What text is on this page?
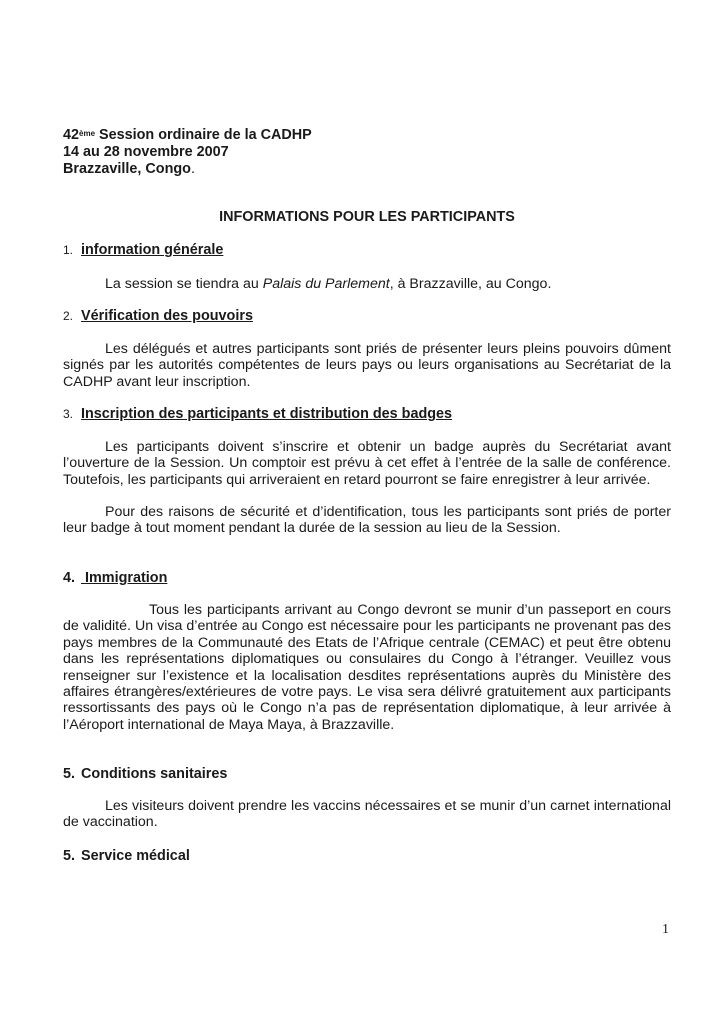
42ème Session ordinaire de la CADHP
14 au 28 novembre 2007
Brazzaville, Congo.
INFORMATIONS POUR LES PARTICIPANTS
1. information générale

La session se tiendra au Palais du Parlement, à Brazzaville, au Congo.

2. Vérification des pouvoirs

Les délégués et autres participants sont priés de présenter leurs pleins pouvoirs dûment signés par les autorités compétentes de leurs pays ou leurs organisations au Secrétariat de la CADHP avant leur inscription.

3. Inscription des participants et distribution des badges

Les participants doivent s’inscrire et obtenir un badge auprès du Secrétariat avant l’ouverture de la Session. Un comptoir est prévu à cet effet à l’entrée de la salle de conférence. Toutefois, les participants qui arriveraient en retard pourront se faire enregistrer à leur arrivée.

Pour des raisons de sécurité et d’identification, tous les participants sont priés de porter leur badge à tout moment pendant la durée de la session au lieu de la Session.

4. Immigration

Tous les participants arrivant au Congo devront se munir d’un passeport en cours de validité. Un visa d’entrée au Congo est nécessaire pour les participants ne provenant pas des pays membres de la Communauté des Etats de l’Afrique centrale (CEMAC) et peut être obtenu dans les représentations diplomatiques ou consulaires du Congo à l’étranger. Veuillez vous renseigner sur l’existence et la localisation desdites représentations auprès du Ministère des affaires étrangères/extérieures de votre pays. Le visa sera délivré gratuitement aux participants ressortissants des pays où le Congo n’a pas de représentation diplomatique, à leur arrivée à l’Aéroport international de Maya Maya, à Brazzaville.

5. Conditions sanitaires

Les visiteurs doivent prendre les vaccins nécessaires et se munir d’un carnet international de vaccination.

5. Service médical
1
